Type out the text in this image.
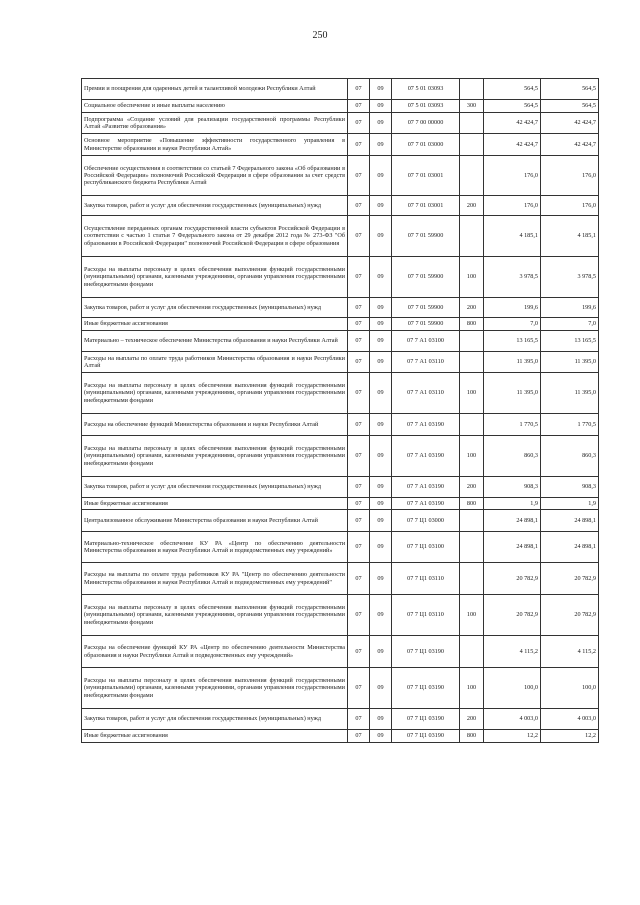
250
Премии и поощрения для одаренных детей и талантливой молодежи Республики Алтай	07	09	07 5 01 03093		564,5	564,5
Социальное обеспечение и иные выплаты населению	07	09	07 5 01 03093	300	564,5	564,5
Подпрограмма «Создание условий для реализации государственной программы Республики Алтай «Развитие образования»	07	09	07 7 00 00000		42 424,7	42 424,7
Основное мероприятие «Повышение эффективности государственного управления в Министерстве образования и науки Республики Алтай»	07	09	07 7 01 03000		42 424,7	42 424,7
Обеспечение осуществления в соответствии со статьей 7 Федерального закона «Об образовании в Российской Федерации» полномочий Российской Федерации в сфере образования за счет средств республиканского бюджета Республики Алтай	07	09	07 7 01 03001		176,0	176,0
Закупка товаров, работ и услуг для обеспечения государственных (муниципальных) нужд	07	09	07 7 01 03001	200	176,0	176,0
Осуществление переданных органам государственной власти субъектов Российской Федерации в соответствии с частью 1 статьи 7 Федерального закона от 29 декабря 2012 года № 273-ФЗ "Об образовании в Российской Федерации" полномочий Российской Федерации в сфере образования	07	09	07 7 01 59900		4 185,1	4 185,1
Расходы на выплаты персоналу в целях обеспечения выполнения функций государственными (муниципальными) органами, казенными учреждениями, органами управления государственными внебюджетными фондами	07	09	07 7 01 59900	100	3 978,5	3 978,5
Закупка товаров, работ и услуг для обеспечения государственных (муниципальных) нужд	07	09	07 7 01 59900	200	199,6	199,6
Иные бюджетные ассигнования	07	09	07 7 01 59900	800	7,0	7,0
Материально – техническое обеспечение Министерства образования и науки Республики Алтай	07	09	07 7 А1 03100		13 165,5	13 165,5
Расходы на выплаты по оплате труда работников Министерства образования и науки Республики Алтай	07	09	07 7 А1 03110		11 395,0	11 395,0
Расходы на выплаты персоналу в целях обеспечения выполнения функций государственными (муниципальными) органами, казенными учреждениями, органами управления государственными внебюджетными фондами	07	09	07 7 А1 03110	100	11 395,0	11 395,0
Расходы на обеспечение функций Министерства образования и науки Республики Алтай	07	09	07 7 А1 03190		1 770,5	1 770,5
Расходы на выплаты персоналу в целях обеспечения выполнения функций государственными (муниципальными) органами, казенными учреждениями, органами управления государственными внебюджетными фондами	07	09	07 7 А1 03190	100	860,3	860,3
Закупка товаров, работ и услуг для обеспечения государственных (муниципальных) нужд	07	09	07 7 А1 03190	200	908,3	908,3
Иные бюджетные ассигнования	07	09	07 7 А1 03190	800	1,9	1,9
Централизованное обслуживание Министерства образования и науки Республики Алтай	07	09	07 7 Ц1 03000		24 898,1	24 898,1
Материально-техническое обеспечение КУ РА «Центр по обеспечению деятельности Министерства образования и науки Республики Алтай и подведомственных ему учреждений»	07	09	07 7 Ц1 03100		24 898,1	24 898,1
Расходы на выплаты по оплате труда работников КУ РА "Центр по обеспечению деятельности Министерства образования и науки Республики Алтай и подведомственных ему учреждений"	07	09	07 7 Ц1 03110		20 782,9	20 782,9
Расходы на выплаты персоналу в целях обеспечения выполнения функций государственными (муниципальными) органами, казенными учреждениями, органами управления государственными внебюджетными фондами	07	09	07 7 Ц1 03110	100	20 782,9	20 782,9
Расходы на обеспечение функций КУ РА «Центр по обеспечению деятельности Министерства образования и науки Республики Алтай и подведомственных ему учреждений»	07	09	07 7 Ц1 03190		4 115,2	4 115,2
Расходы на выплаты персоналу в целях обеспечения выполнения функций государственными (муниципальными) органами, казенными учреждениями, органами управления государственными внебюджетными фондами	07	09	07 7 Ц1 03190	100	100,0	100,0
Закупка товаров, работ и услуг для обеспечения государственных (муниципальных) нужд	07	09	07 7 Ц1 03190	200	4 003,0	4 003,0
Иные бюджетные ассигнования	07	09	07 7 Ц1 03190	800	12,2	12,2
